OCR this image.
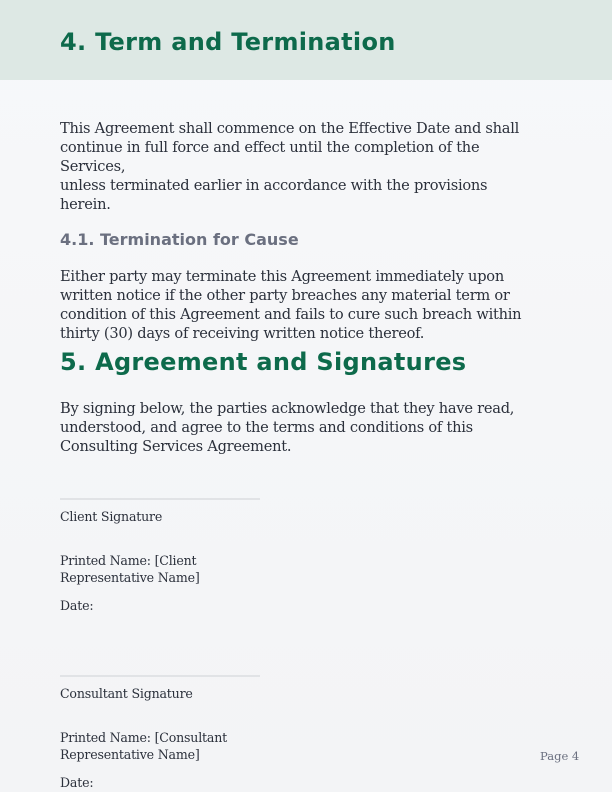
4. Term and Termination
This Agreement shall commence on the Effective Date and shall
continue in full force and effect until the completion of the
Services,
unless terminated earlier in accordance with the provisions
herein.
4.1. Termination for Cause
Either party may terminate this Agreement immediately upon
written notice if the other party breaches any material term or
condition of this Agreement and fails to cure such breach within
thirty (30) days of receiving written notice thereof.
5. Agreement and Signatures
By signing below, the parties acknowledge that they have read,
understood, and agree to the terms and conditions of this
Consulting Services Agreement.
Client Signature
Printed Name: [Client
Representative Name]
Date:
Consultant Signature
Printed Name: [Consultant
Representative Name]
Date:
Page 4
